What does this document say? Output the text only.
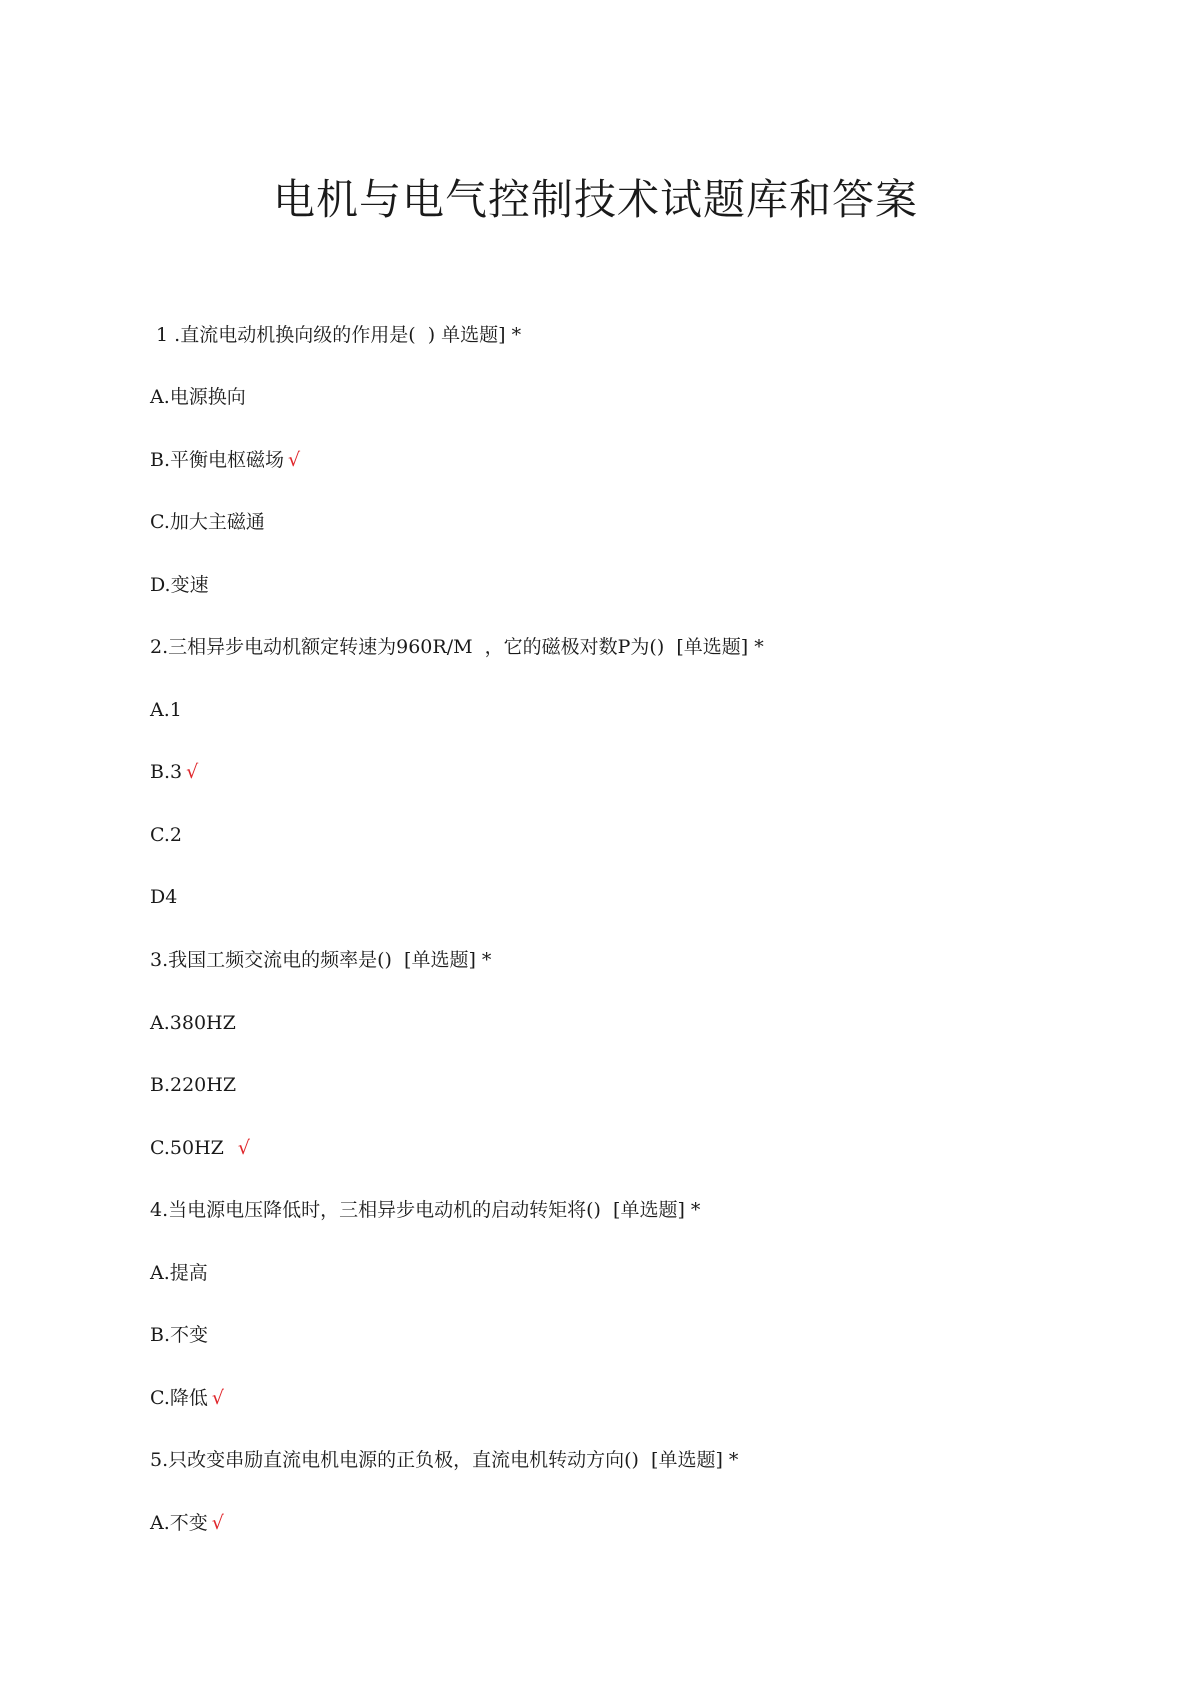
电机与电气控制技术试题库和答案
1 .直流电动机换向级的作用是(  ) 单选题] *
A.电源换向
B.平衡电枢磁场 √
C.加大主磁通
D.变速
2.三相异步电动机额定转速为960R/M  ，它的磁极对数P为()  [单选题] *
A.1
B.3 √
C.2
D4
3.我国工频交流电的频率是()  [单选题] *
A.380HZ
B.220HZ
C.50HZ √
4.当电源电压降低时，三相异步电动机的启动转矩将()  [单选题] *
A.提高
B.不变
C.降低 √
5.只改变串励直流电机电源的正负极，直流电机转动方向()  [单选题] *
A.不变 √
